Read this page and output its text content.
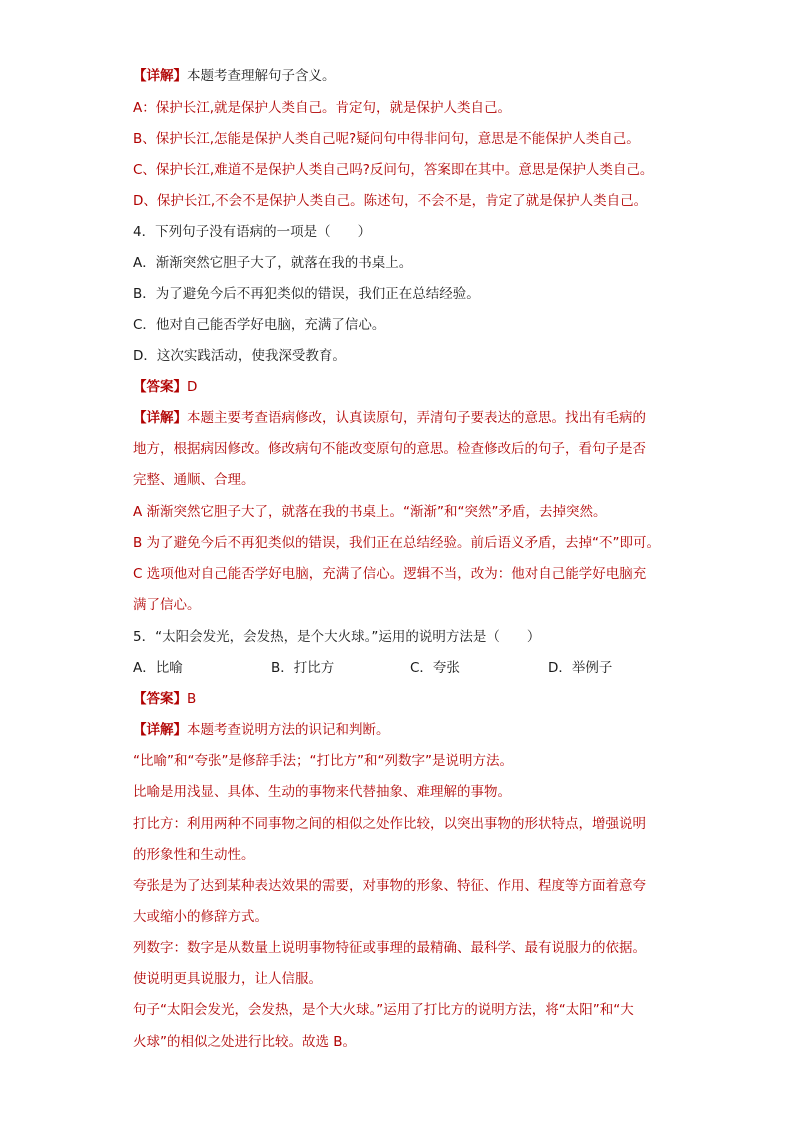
【详解】本题考查理解句子含义。
A：保护长江,就是保护人类自己。肯定句，就是保护人类自己。
B、保护长江,怎能是保护人类自己呢?疑问句中得非问句，意思是不能保护人类自己。
C、保护长江,难道不是保护人类自己吗?反问句，答案即在其中。意思是保护人类自己。
D、保护长江,不会不是保护人类自己。陈述句，不会不是，肯定了就是保护人类自己。
4．下列句子没有语病的一项是（　　）
A．渐渐突然它胆子大了，就落在我的书桌上。
B．为了避免今后不再犯类似的错误，我们正在总结经验。
C．他对自己能否学好电脑，充满了信心。
D．这次实践活动，使我深受教育。
【答案】D
【详解】本题主要考查语病修改，认真读原句，弄清句子要表达的意思。找出有毛病的
地方，根据病因修改。修改病句不能改变原句的意思。检查修改后的句子，看句子是否
完整、通顺、合理。
A 渐渐突然它胆子大了，就落在我的书桌上。“渐渐”和“突然”矛盾，去掉突然。
B 为了避免今后不再犯类似的错误，我们正在总结经验。前后语义矛盾，去掉“不”即可。
C 选项他对自己能否学好电脑，充满了信心。逻辑不当，改为：他对自己能学好电脑充
满了信心。
5．“太阳会发光，会发热，是个大火球。”运用的说明方法是（　　）
A．比喻	B．打比方	C．夸张	D．举例子
【答案】B
【详解】本题考查说明方法的识记和判断。
“比喻”和“夸张”是修辞手法；“打比方”和“列数字”是说明方法。
比喻是用浅显、具体、生动的事物来代替抽象、难理解的事物。
打比方：利用两种不同事物之间的相似之处作比较，以突出事物的形状特点，增强说明
的形象性和生动性。
夸张是为了达到某种表达效果的需要，对事物的形象、特征、作用、程度等方面着意夸
大或缩小的修辞方式。
列数字：数字是从数量上说明事物特征或事理的最精确、最科学、最有说服力的依据。
使说明更具说服力，让人信服。
句子“太阳会发光，会发热，是个大火球。”运用了打比方的说明方法，将“太阳”和“大
火球”的相似之处进行比较。故选 B。
